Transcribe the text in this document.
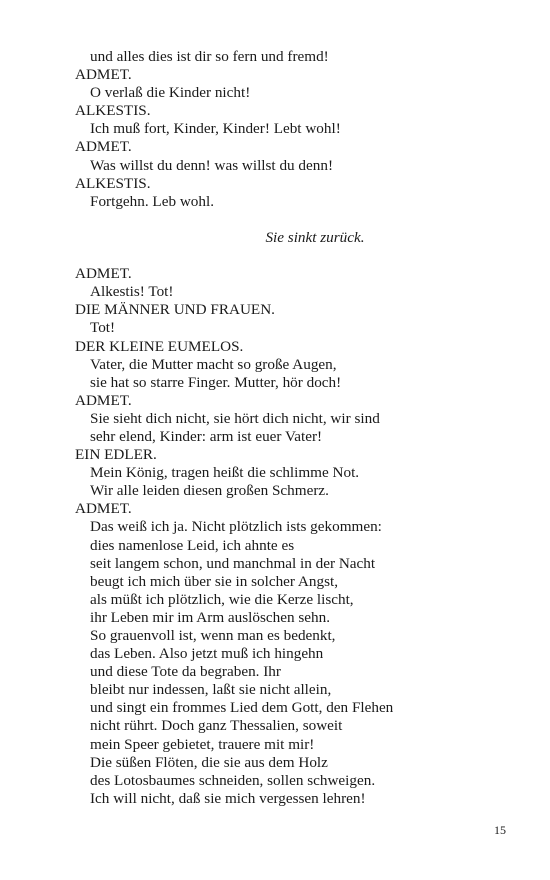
und alles dies ist dir so fern und fremd!
ADMET.
O verlaß die Kinder nicht!
ALKESTIS.
Ich muß fort, Kinder, Kinder! Lebt wohl!
ADMET.
Was willst du denn! was willst du denn!
ALKESTIS.
Fortgehn. Leb wohl.
Sie sinkt zurück.
ADMET.
Alkestis! Tot!
DIE MÄNNER UND FRAUEN.
Tot!
DER KLEINE EUMELOS.
Vater, die Mutter macht so große Augen,
sie hat so starre Finger. Mutter, hör doch!
ADMET.
Sie sieht dich nicht, sie hört dich nicht, wir sind
sehr elend, Kinder: arm ist euer Vater!
EIN EDLER.
Mein König, tragen heißt die schlimme Not.
Wir alle leiden diesen großen Schmerz.
ADMET.
Das weiß ich ja. Nicht plötzlich ists gekommen:
dies namenlose Leid, ich ahnte es
seit langem schon, und manchmal in der Nacht
beugt ich mich über sie in solcher Angst,
als müßt ich plötzlich, wie die Kerze lischt,
ihr Leben mir im Arm auslöschen sehn.
So grauenvoll ist, wenn man es bedenkt,
das Leben. Also jetzt muß ich hingehn
und diese Tote da begraben. Ihr
bleibt nur indessen, laßt sie nicht allein,
und singt ein frommes Lied dem Gott, den Flehen
nicht rührt. Doch ganz Thessalien, soweit
mein Speer gebietet, trauere mit mir!
Die süßen Flöten, die sie aus dem Holz
des Lotosbaumes schneiden, sollen schweigen.
Ich will nicht, daß sie mich vergessen lehren!
15
